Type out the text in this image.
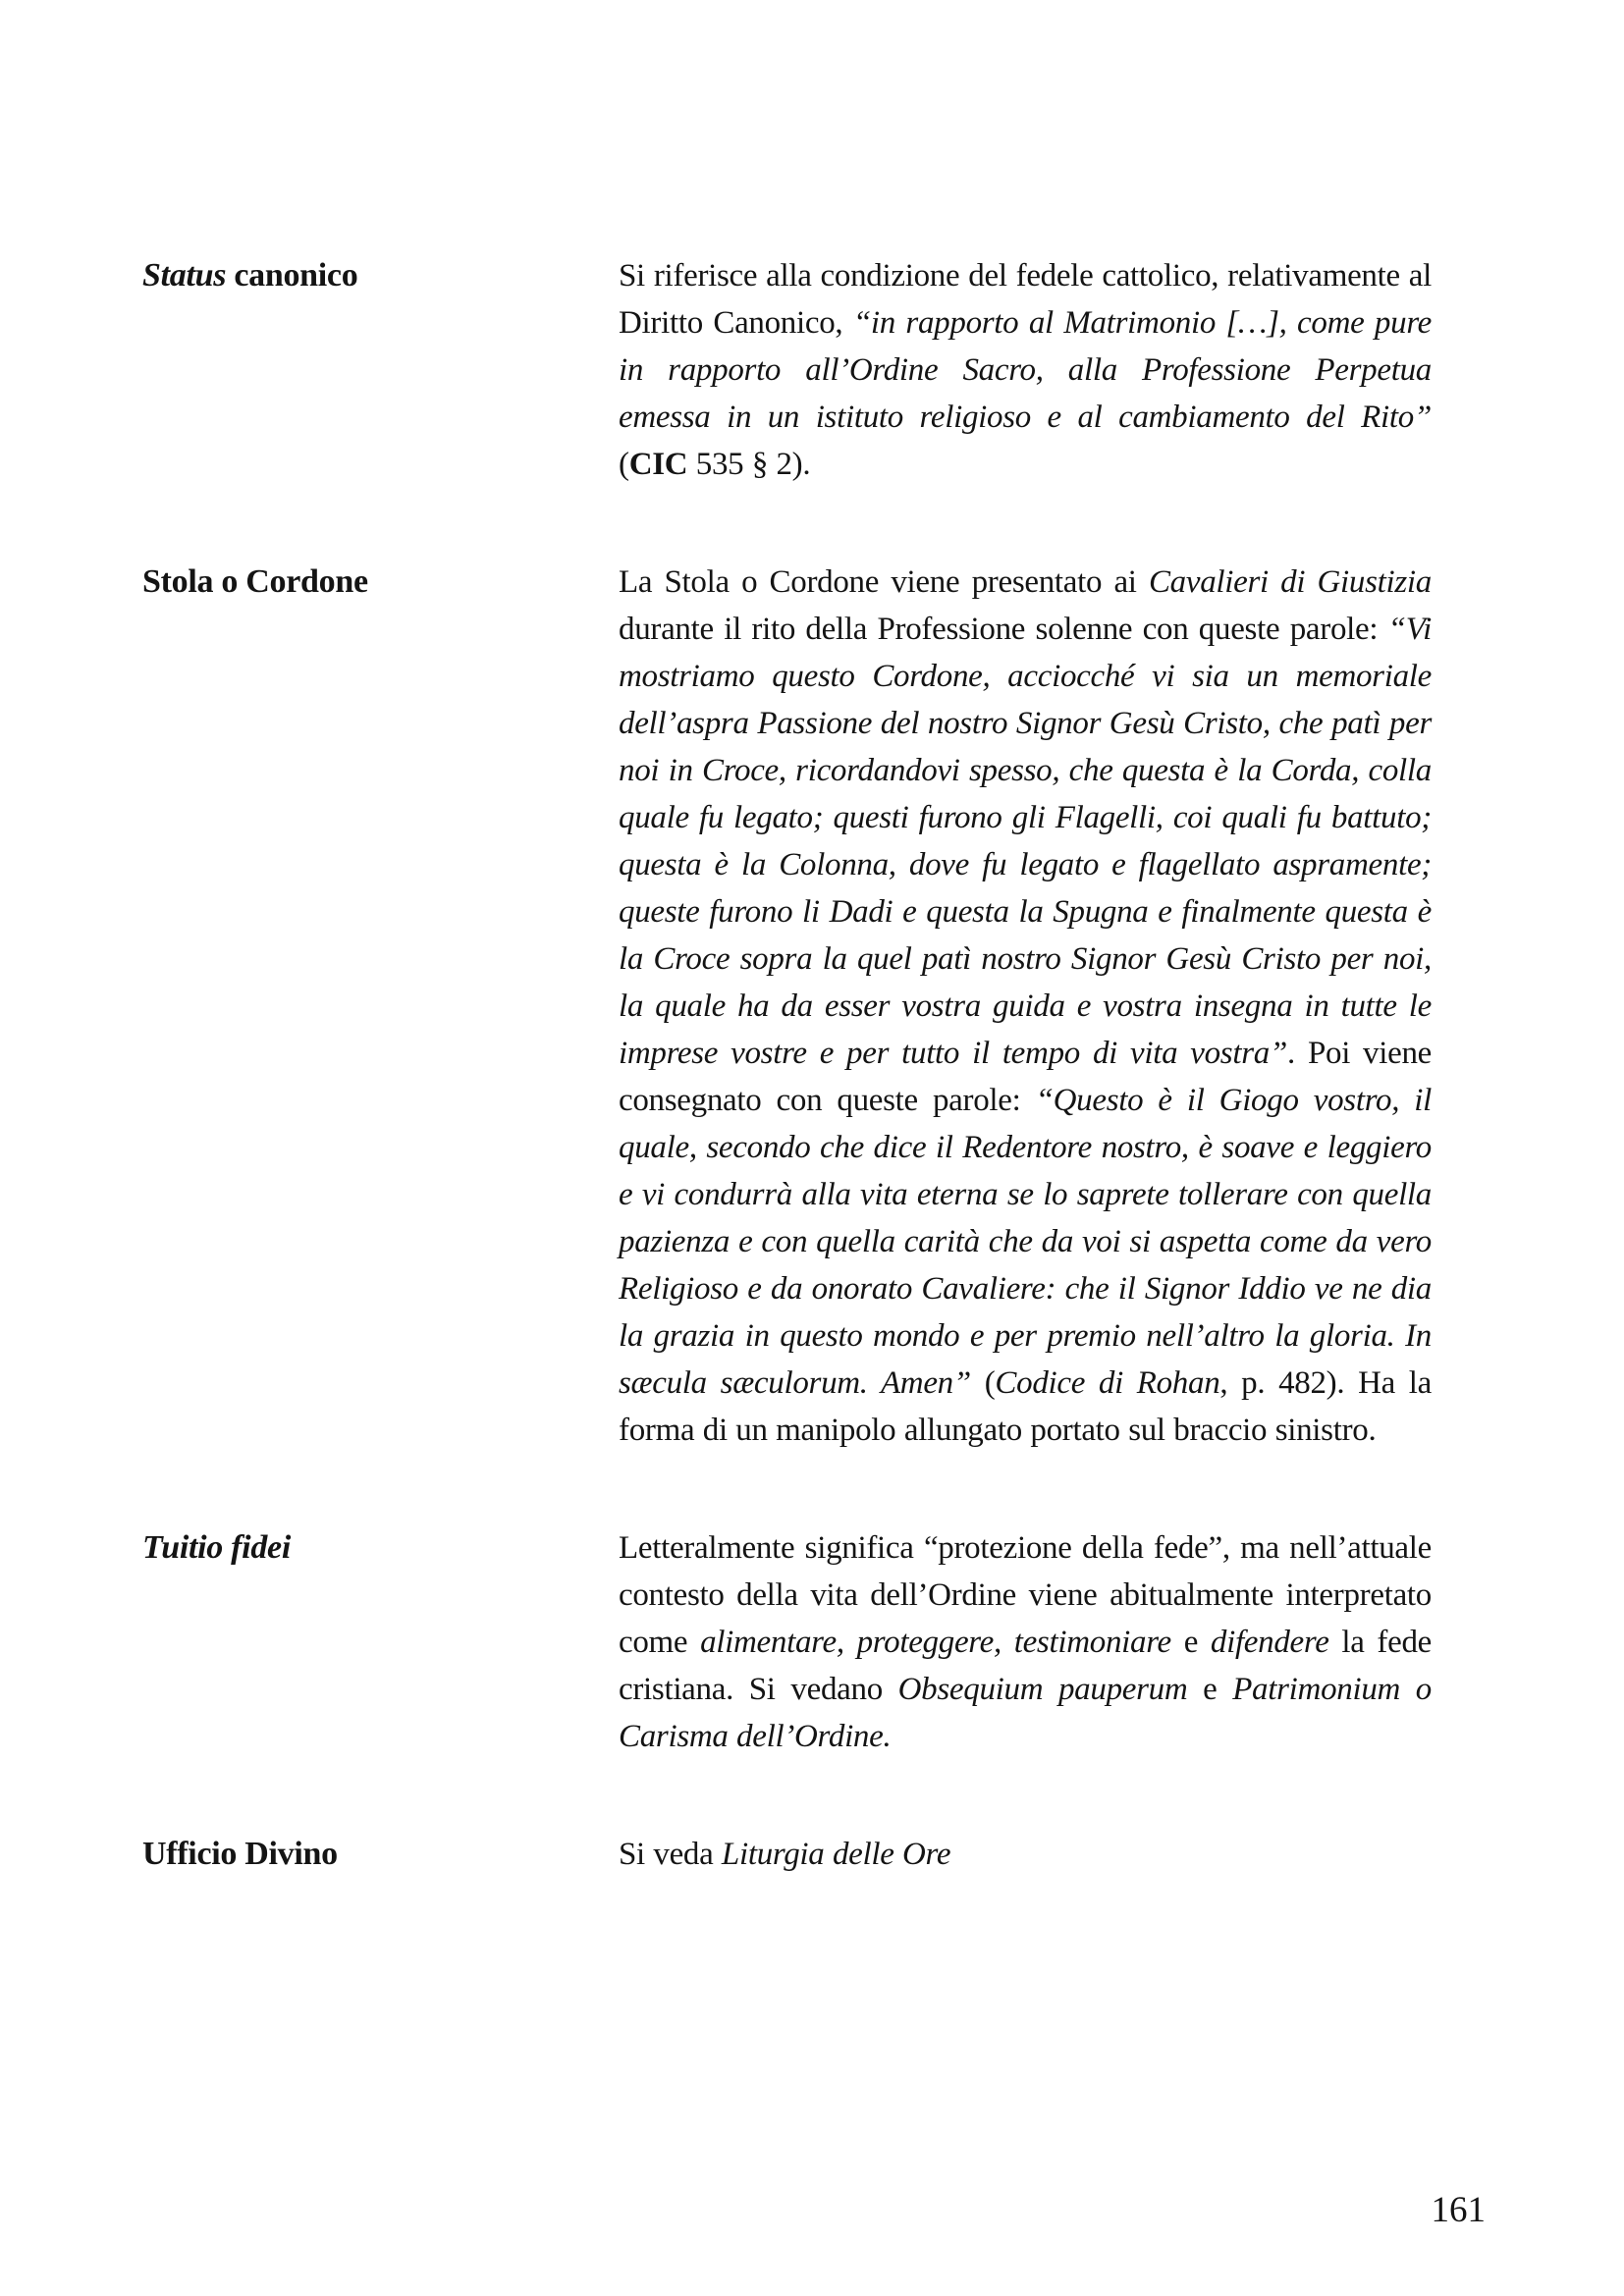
Status canonico	Si riferisce alla condizione del fedele cattolico, relativamente al Diritto Canonico, “in rapporto al Matrimonio […], come pure in rapporto all’Ordine Sacro, alla Professione Perpetua emessa in un istituto religioso e al cambiamento del Rito” (CIC 535 § 2).

Stola o Cordone	La Stola o Cordone viene presentato ai Cavalieri di Giustizia durante il rito della Professione solenne con queste parole: “Vi mostriamo questo Cordone, acciocché vi sia un memoriale dell’aspra Passione del nostro Signor Gesù Cristo, che patì per noi in Croce, ricordandovi spesso, che questa è la Corda, colla quale fu legato; questi furono gli Flagelli, coi quali fu battuto; questa è la Colonna, dove fu legato e flagellato aspramente; queste furono li Dadi e questa la Spugna e finalmente questa è la Croce sopra la quel patì nostro Signor Gesù Cristo per noi, la quale ha da esser vostra guida e vostra insegna in tutte le imprese vostre e per tutto il tempo di vita vostra”. Poi viene consegnato con queste parole: “Questo è il Giogo vostro, il quale, secondo che dice il Redentore nostro, è soave e leggiero e vi condurrà alla vita eterna se lo saprete tollerare con quella pazienza e con quella carità che da voi si aspetta come da vero Religioso e da onorato Cavaliere: che il Signor Iddio ve ne dia la grazia in questo mondo e per premio nell’altro la gloria. In sæcula sæculorum. Amen” (Codice di Rohan, p. 482). Ha la forma di un manipolo allungato portato sul braccio sinistro.

Tuitio fidei	Letteralmente significa “protezione della fede”, ma nell’attuale contesto della vita dell’Ordine viene abitualmente interpretato come alimentare, proteggere, testimoniare e difendere la fede cristiana. Si vedano Obsequium pauperum e Patrimonium o Carisma dell’Ordine.

Ufficio Divino	Si veda Liturgia delle Ore

161
